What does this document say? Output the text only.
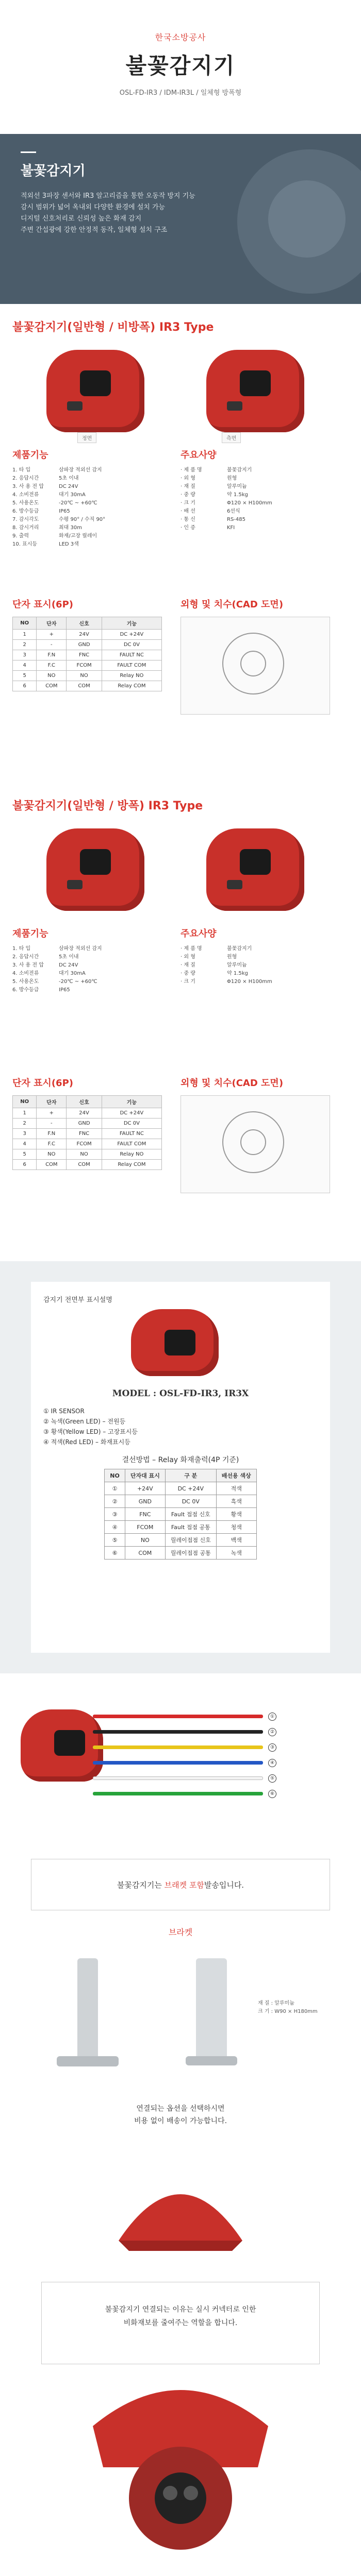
한국소방공사
불꽃감지기
OSL-FD-IR3 / IDM-IR3L / 일체형 방폭형
불꽃감지기

적외선 3파장 센서와 IR3 알고리즘을 통한 오동작 방지 기능

감시 범위가 넓어 옥내외 다양한 환경에 설치 가능

디지털 신호처리로 신뢰성 높은 화재 감지

주변 간섭광에 강한 안정적 동작, 일체형 설치 구조

불꽃감지기(일반형 / 비방폭) IR3 Type
측면
정면
제품기능
1. 타 입	삼파장 적외선 감지
2. 응답시간	5초 이내
3. 사 용 전 압	DC 24V
4. 소비전류	대기 30mA
5. 사용온도	-20℃ ~ +60℃
6. 방수등급	IP65
7. 감시각도	수평 90° / 수직 90°
8. 감시거리	최대 30m
9. 출력	화재/고장 릴레이
10. 표시등	LED 3색
주요사양
· 제 품 명	불꽃감지기
· 외 형	원형
· 재 질	알루미늄
· 중 량	약 1.5kg
· 크 기	Φ120 × H100mm
· 배 선	6선식
· 통 신	RS-485
· 인 증	KFI
단자 표시(6P)
NO	단자	신호	기능
1	+	24V	DC +24V
2	-	GND	DC 0V
3	F.N	FNC	FAULT NC
4	F.C	FCOM	FAULT COM
5	NO	NO	Relay NO
6	COM	COM	Relay COM
외형 및 치수(CAD 도면)
불꽃감지기(일반형 / 방폭) IR3 Type
제품기능
1. 타 입	삼파장 적외선 감지
2. 응답시간	5초 이내
3. 사 용 전 압	DC 24V
4. 소비전류	대기 30mA
5. 사용온도	-20℃ ~ +60℃
6. 방수등급	IP65
주요사양
· 제 품 명	불꽃감지기
· 외 형	원형
· 재 질	알루미늄
· 중 량	약 1.5kg
· 크 기	Φ120 × H100mm
단자 표시(6P)
NO	단자	신호	기능
1	+	24V	DC +24V
2	-	GND	DC 0V
3	F.N	FNC	FAULT NC
4	F.C	FCOM	FAULT COM
5	NO	NO	Relay NO
6	COM	COM	Relay COM
외형 및 치수(CAD 도면)
감지기 전면부 표시설명
MODEL : OSL-FD-IR3, IR3X
① IR SENSOR
② 녹색(Green LED) – 전원등
③ 황색(Yellow LED) – 고장표시등
④ 적색(Red LED) – 화재표시등
결선방법 – Relay 화재출력(4P 기준)
NO	단자대 표시	구 분	배선용 색상
①	+24V	DC +24V	적색
②	GND	DC 0V	흑색
③	FNC	Fault 접점 신호	황색
④	FCOM	Fault 접점 공통	청색
⑤	NO	릴레이접점 신호	백색
⑥	COM	릴레이접점 공통	녹색
①
②
③
④
⑤
⑥
불꽃감지기는 브래켓 포함발송입니다.
브라켓
재 질 : 알루미늄
크 기 : W90 × H180mm
연결되는 옵션을 선택하시면
비용 없이 배송이 가능합니다.
불꽃감지기 연결되는 이유는 실시 커넥터로 인한
비화재보를 줄여주는 역할을 합니다.
